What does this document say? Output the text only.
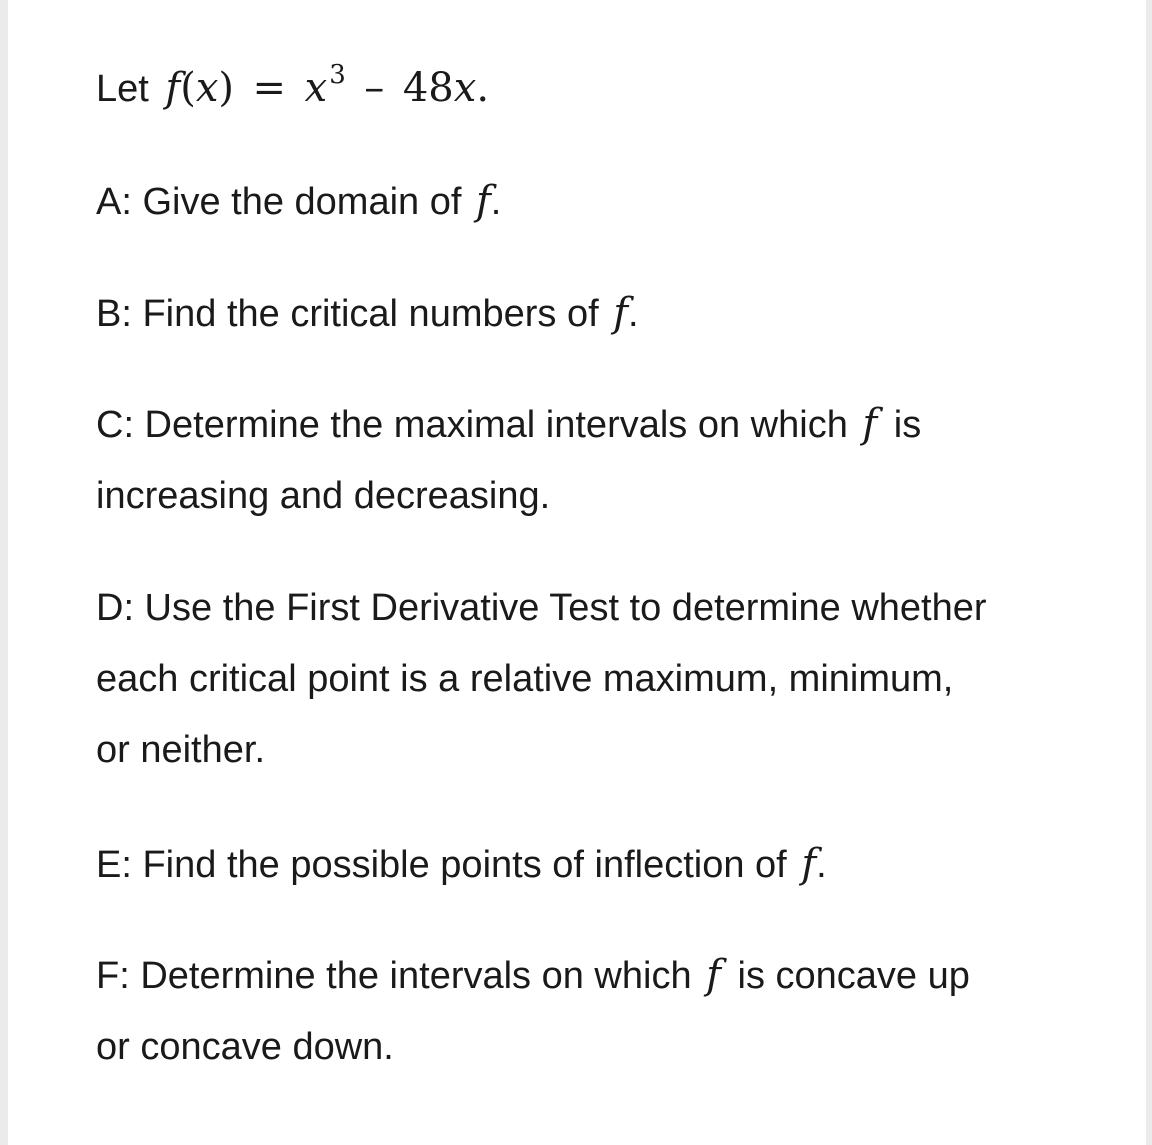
Let $f(x) = x^3 - 48x$.
A: Give the domain of f.
B: Find the critical numbers of f.
C: Determine the maximal intervals on which f is
increasing and decreasing.
D: Use the First Derivative Test to determine whether
each critical point is a relative maximum, minimum,
or neither.
E: Find the possible points of inflection of f.
F: Determine the intervals on which f is concave up
or concave down.
